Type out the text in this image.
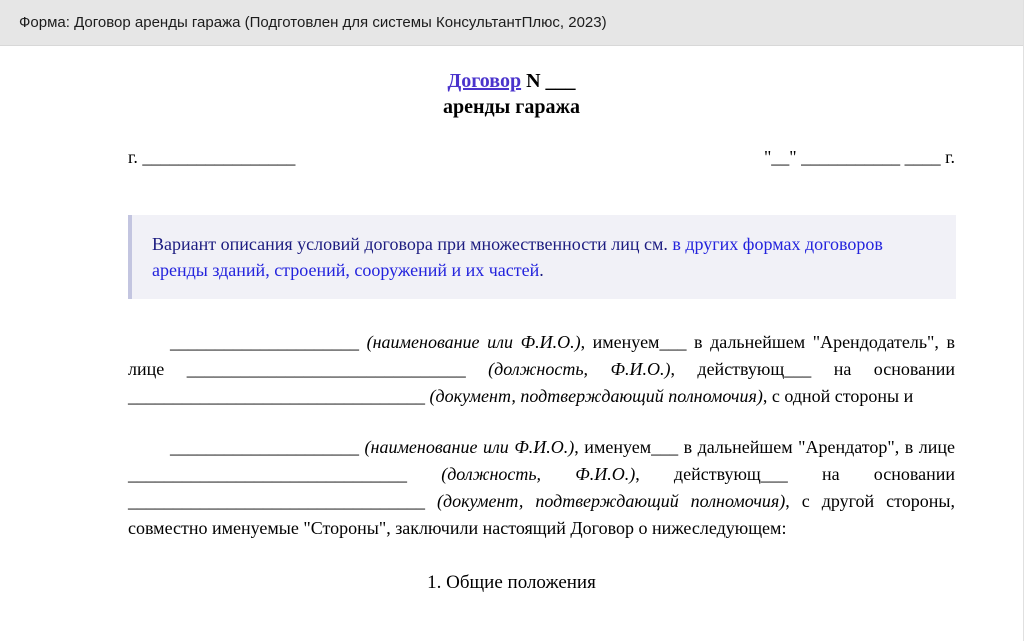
Форма: Договор аренды гаража (Подготовлен для системы КонсультантПлюс, 2023)
Договор N ___
аренды гаража
г. _________________	"__" ___________ ____ г.
Вариант описания условий договора при множественности лиц см. в других формах договоров аренды зданий, строений, сооружений и их частей.
_____________________ (наименование или Ф.И.О.), именуем___ в дальнейшем "Арендодатель", в лице _______________________________ (должность, Ф.И.О.), действующ___ на основании _________________________________ (документ, подтверждающий полномочия), с одной стороны и
_____________________ (наименование или Ф.И.О.), именуем___ в дальнейшем "Арендатор", в лице _______________________________ (должность, Ф.И.О.), действующ___ на основании _________________________________ (документ, подтверждающий полномочия), с другой стороны, совместно именуемые "Стороны", заключили настоящий Договор о нижеследующем:
1. Общие положения
